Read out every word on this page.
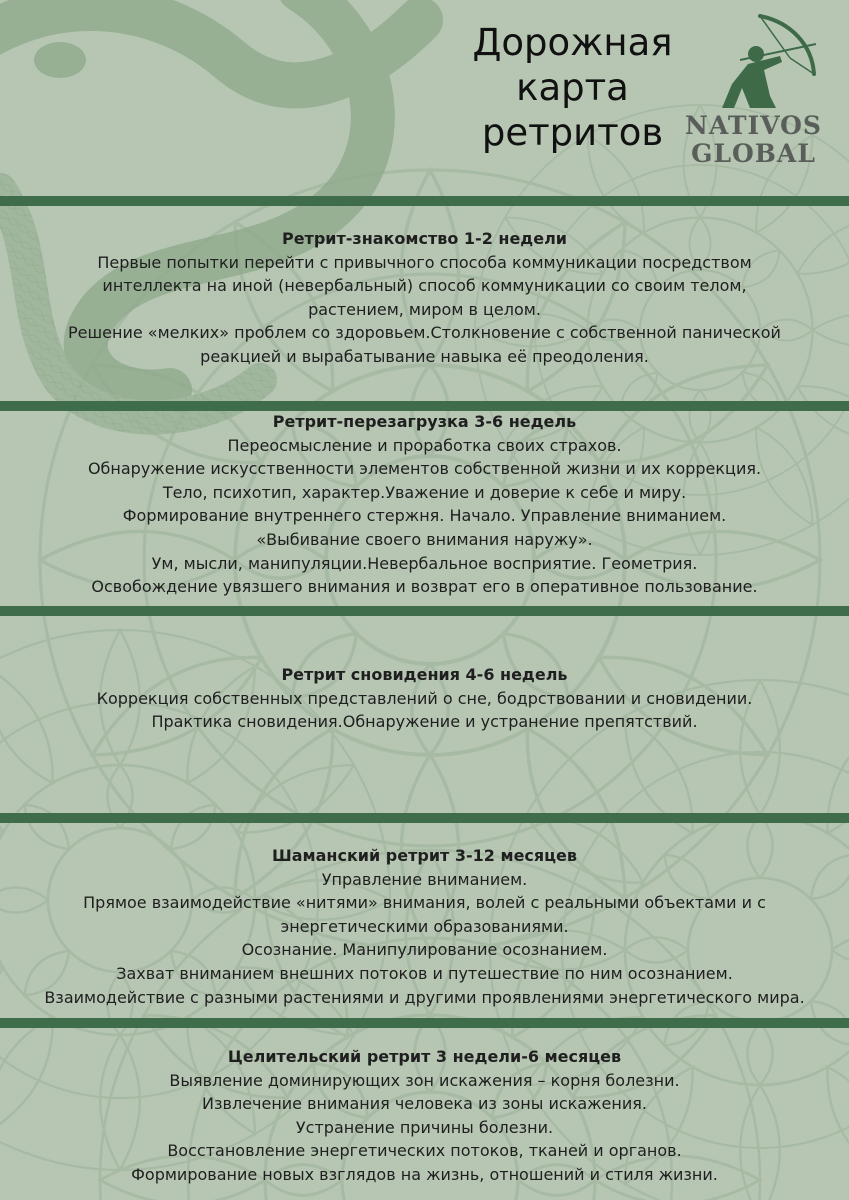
Дорожная
карта
ретритов NATIVOS
GLOBAL
Ретрит-знакомство 1-2 недели

Первые попытки перейти с привычного способа коммуникации посредством

интеллекта на иной (невербальный) способ коммуникации со своим телом,

растением, миром в целом.

Решение «мелких» проблем со здоровьем.Столкновение с собственной панической

реакцией и вырабатывание навыка её преодоления.

Ретрит-перезагрузка 3-6 недель

Переосмысление и проработка своих страхов.

Обнаружение искусственности элементов собственной жизни и их коррекция.

Тело, психотип, характер.Уважение и доверие к себе и миру.

Формирование внутреннего стержня. Начало. Управление вниманием.

«Выбивание своего внимания наружу».

Ум, мысли, манипуляции.Невербальное восприятие. Геометрия.

Освобождение увязшего внимания и возврат его в оперативное пользование.

Ретрит сновидения 4-6 недель

Коррекция собственных представлений о сне, бодрствовании и сновидении.

Практика сновидения.Обнаружение и устранение препятствий.

Шаманский ретрит 3-12 месяцев

Управление вниманием.

Прямое взаимодействие «нитями» внимания, волей с реальными объектами и с

энергетическими образованиями.

Осознание. Манипулирование осознанием.

Захват вниманием внешних потоков и путешествие по ним осознанием.

Взаимодействие с разными растениями и другими проявлениями энергетического мира.

Целительский ретрит 3 недели-6 месяцев

Выявление доминирующих зон искажения – корня болезни.

Извлечение внимания человека из зоны искажения.

Устранение причины болезни.

Восстановление энергетических потоков, тканей и органов.

Формирование новых взглядов на жизнь, отношений и стиля жизни.
